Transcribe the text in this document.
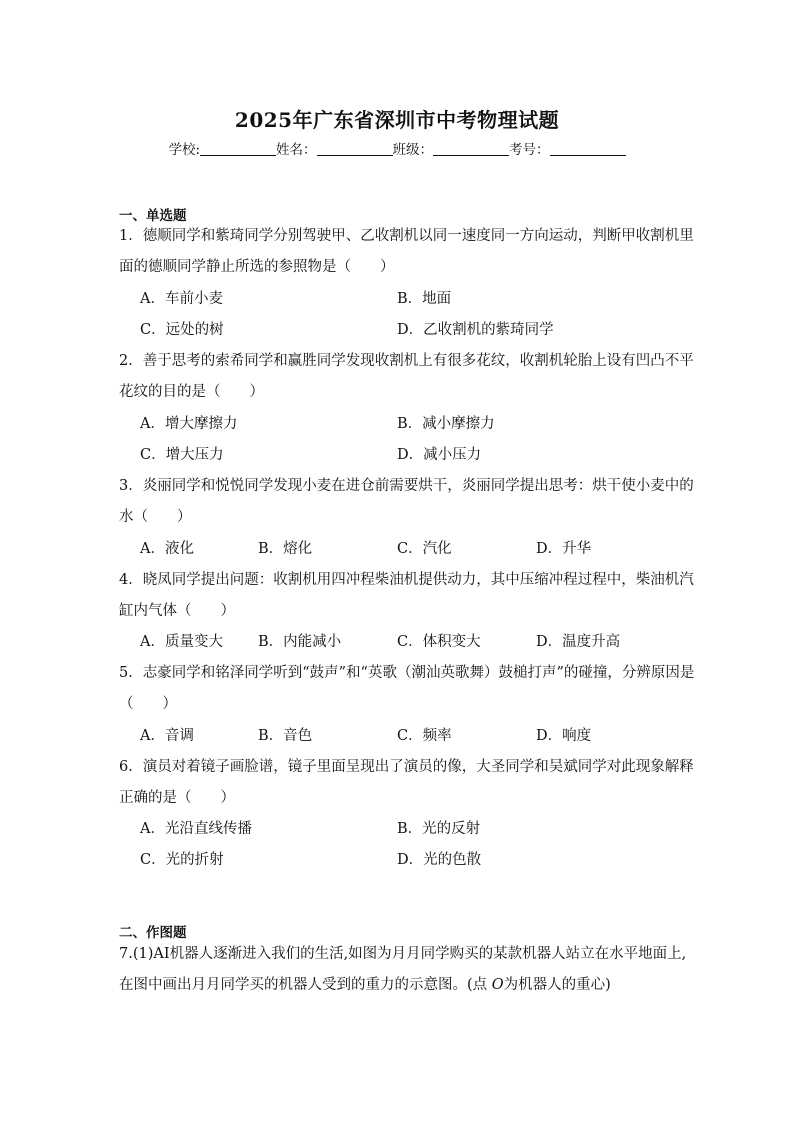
2025年广东省深圳市中考物理试题
学校:	姓名：	班级：	考号：
一、单选题
1．德顺同学和紫琦同学分别驾驶甲、乙收割机以同一速度同一方向运动，判断甲收割机里
面的德顺同学静止所选的参照物是（　　）
A．车前小麦	B．地面
C．远处的树	D．乙收割机的紫琦同学
2．善于思考的索希同学和赢胜同学发现收割机上有很多花纹，收割机轮胎上设有凹凸不平
花纹的目的是（　　）
A．增大摩擦力	B．减小摩擦力
C．增大压力	D．减小压力
3．炎丽同学和悦悦同学发现小麦在进仓前需要烘干，炎丽同学提出思考：烘干使小麦中的
水（　　）
A．液化	B．熔化	C．汽化	D．升华
4．晓凤同学提出问题：收割机用四冲程柴油机提供动力，其中压缩冲程过程中，柴油机汽
缸内气体（　　）
A．质量变大 B．内能减小	C．体积变大	D．温度升高
5．志豪同学和铭泽同学听到“鼓声”和“英歌（潮汕英歌舞）鼓槌打声”的碰撞，分辨原因是
（　　）
A．音调	B．音色	C．频率	D．响度
6．演员对着镜子画脸谱，镜子里面呈现出了演员的像，大圣同学和吴斌同学对此现象解释
正确的是（　　）
A．光沿直线传播	B．光的反射
C．光的折射	D．光的色散
二、作图题
7.(1)AI机器人逐渐进入我们的生活,如图为月月同学购买的某款机器人站立在水平地面上,
在图中画出月月同学买的机器人受到的重力的示意图。(点 O为机器人的重心)
